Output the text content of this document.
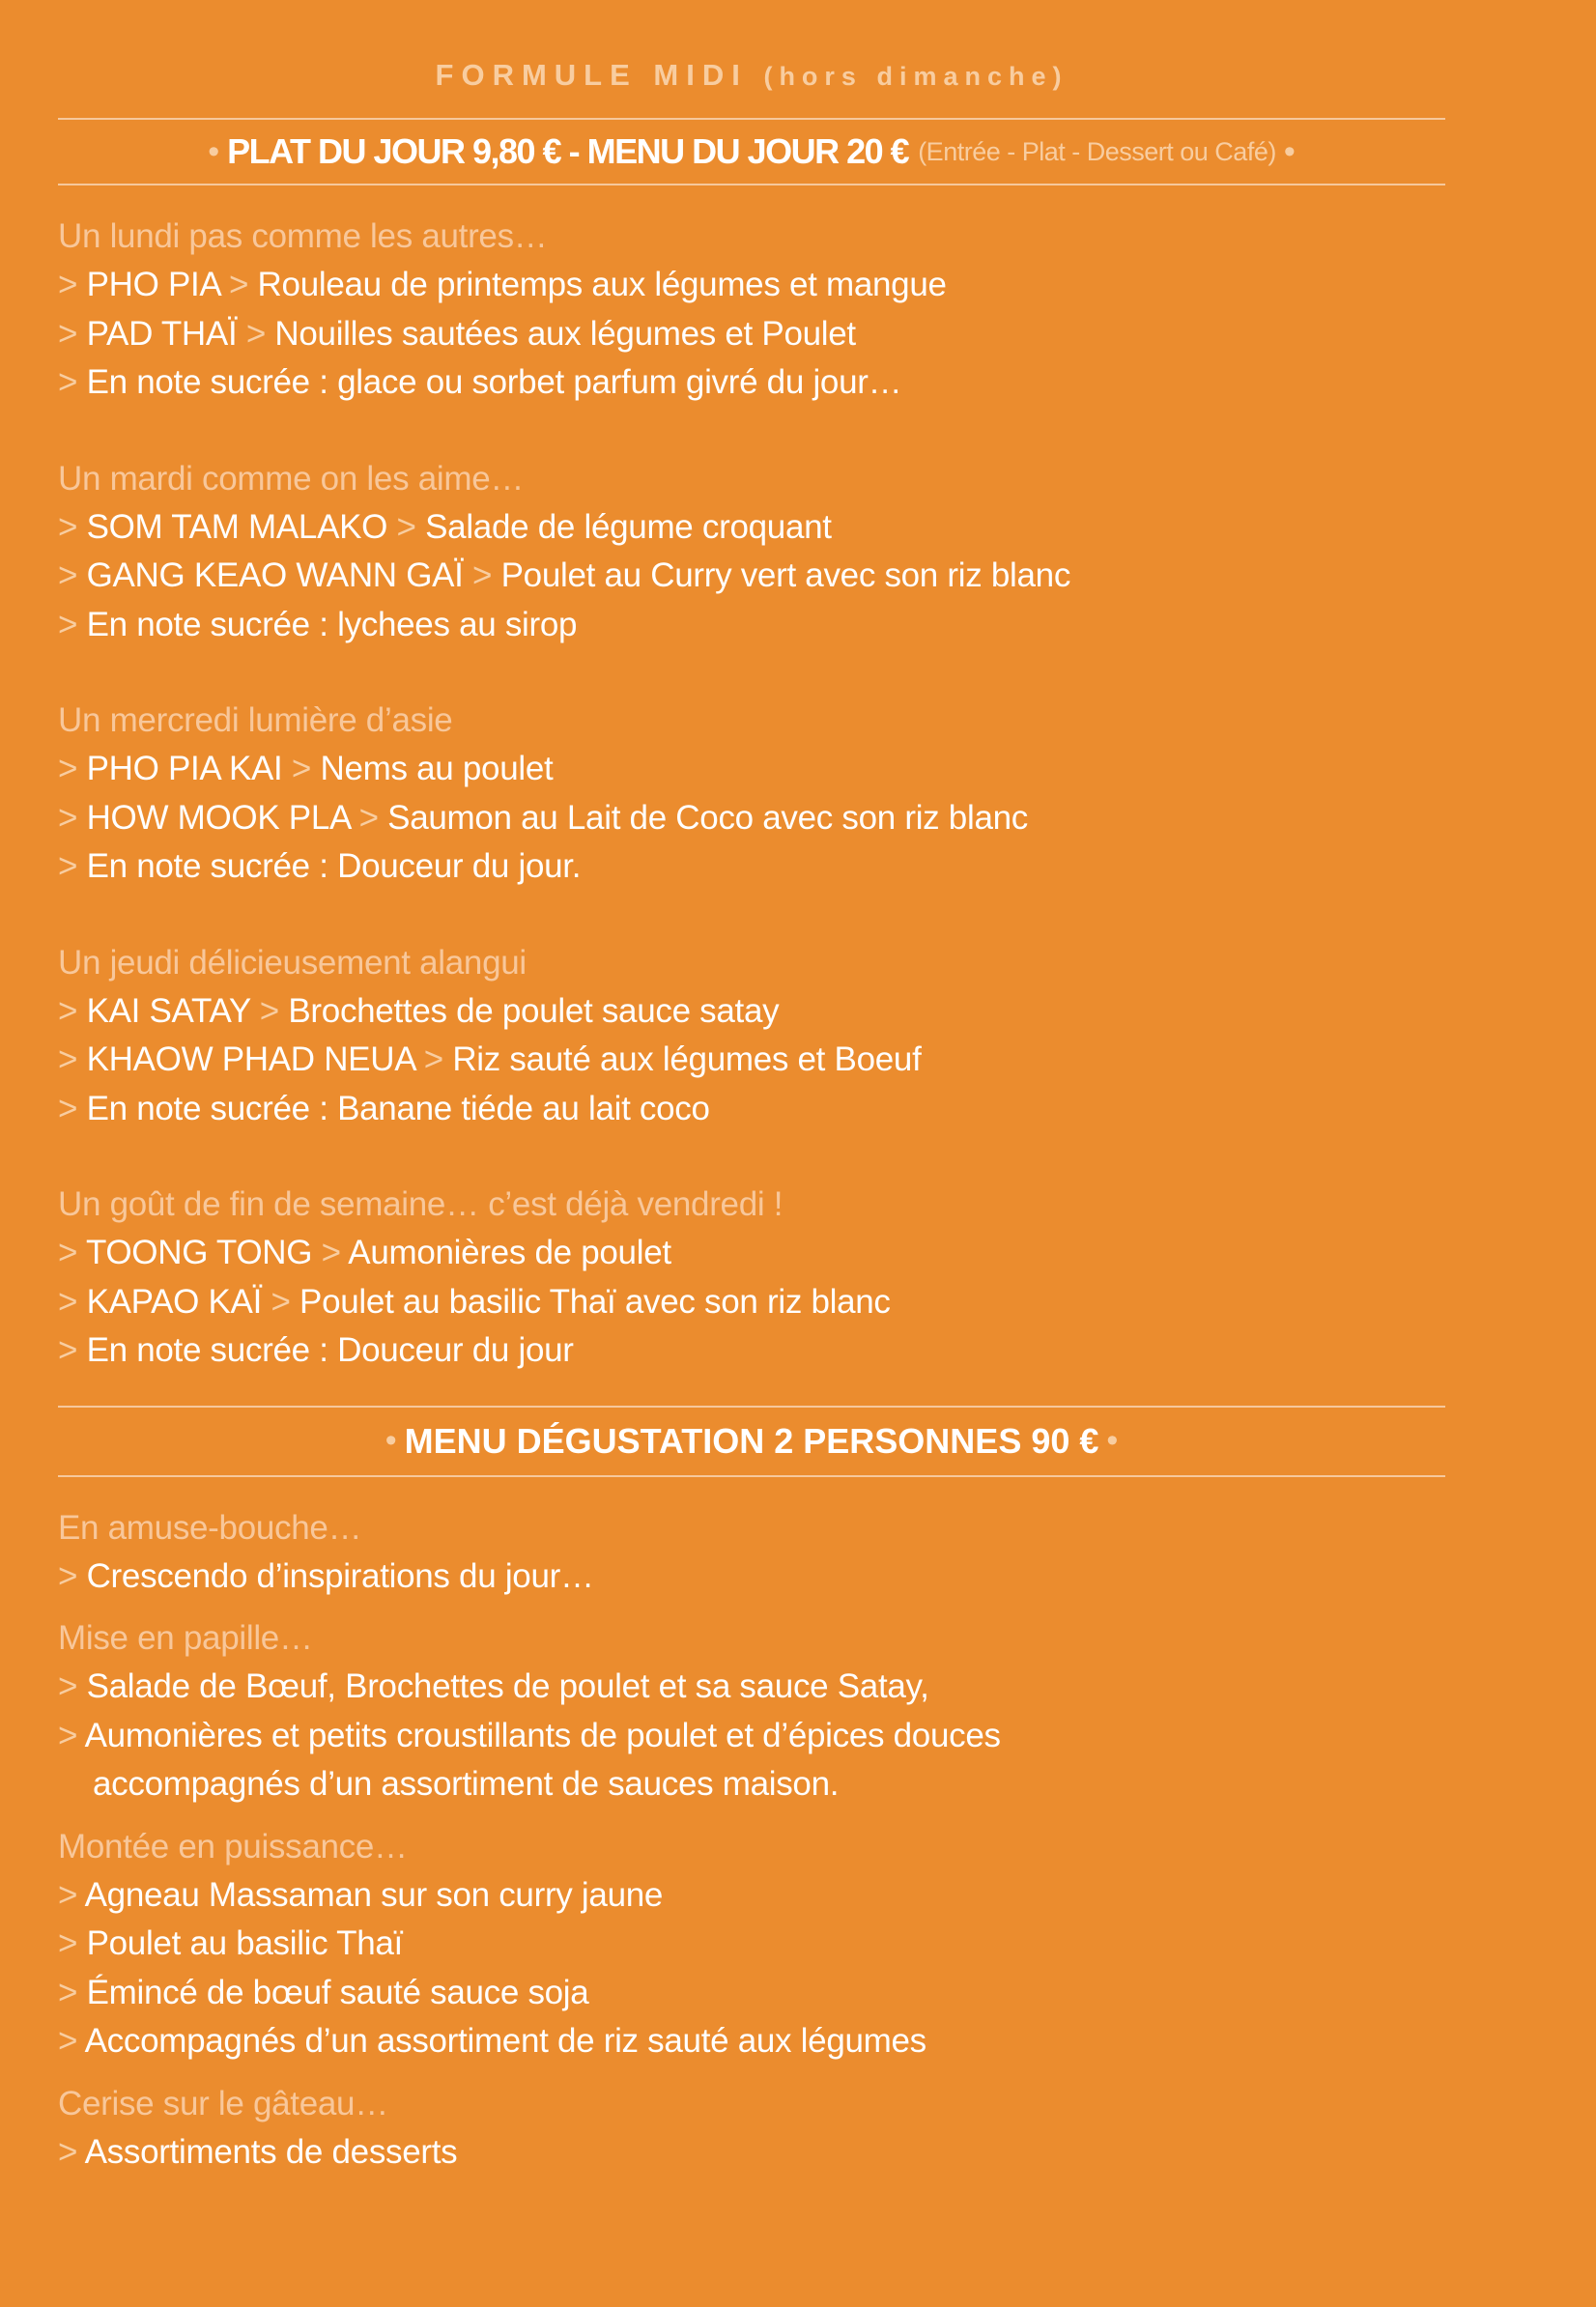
FORMULE MIDI (hors dimanche)
• PLAT DU JOUR 9,80 € - MENU DU JOUR 20 € (Entrée - Plat - Dessert ou Café) •
Un lundi pas comme les autres…
> PHO PIA > Rouleau de printemps aux légumes et mangue
> PAD THAÏ > Nouilles sautées aux légumes et Poulet
> En note sucrée : glace ou sorbet parfum givré du jour…
Un mardi comme on les aime…
> SOM TAM MALAKO > Salade de légume croquant
> GANG KEAO WANN GAÏ > Poulet au Curry vert avec son riz blanc
> En note sucrée : lychees au sirop
Un mercredi lumière d’asie
> PHO PIA KAI > Nems au poulet
> HOW MOOK PLA > Saumon au Lait de Coco avec son riz blanc
> En note sucrée : Douceur du jour.
Un jeudi délicieusement alangui
> KAI SATAY > Brochettes de poulet sauce satay
> KHAOW PHAD NEUA > Riz sauté aux légumes et Boeuf
> En note sucrée : Banane tiéde au lait coco
Un goût de fin de semaine… c’est déjà vendredi !
> TOONG TONG > Aumonières de poulet
> KAPAO KAÏ > Poulet au basilic Thaï avec son riz blanc
> En note sucrée : Douceur du jour
• MENU DÉGUSTATION 2 PERSONNES 90 € •
En amuse-bouche…
> Crescendo d’inspirations du jour…
Mise en papille…
> Salade de Bœuf, Brochettes de poulet et sa sauce Satay,
> Aumonières et petits croustillants de poulet et d’épices douces
accompagnés d’un assortiment de sauces maison.
Montée en puissance…
> Agneau Massaman sur son curry jaune
> Poulet au basilic Thaï
> Émincé de bœuf sauté sauce soja
> Accompagnés d’un assortiment de riz sauté aux légumes
Cerise sur le gâteau…
> Assortiments de desserts
